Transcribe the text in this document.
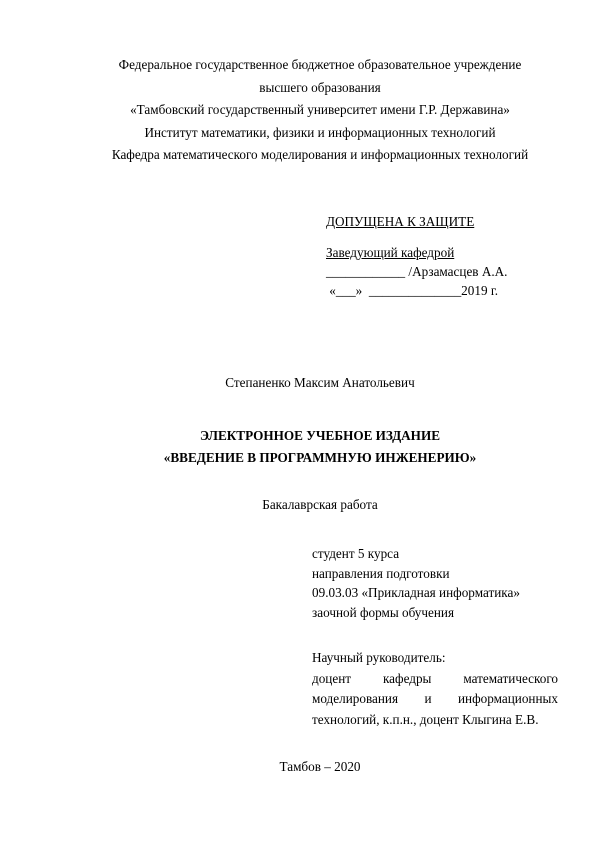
Федеральное государственное бюджетное образовательное учреждение
высшего образования
«Тамбовский государственный университет имени Г.Р. Державина»
Институт математики, физики и информационных технологий
Кафедра математического моделирования и информационных технологий
ДОПУЩЕНА К ЗАЩИТЕ
Заведующий кафедрой
____________ /Арзамасцев А.А.
«___»  ______________2019 г.
Степаненко Максим Анатольевич
ЭЛЕКТРОННОЕ УЧЕБНОЕ ИЗДАНИЕ
«ВВЕДЕНИЕ В ПРОГРАММНУЮ ИНЖЕНЕРИЮ»
Бакалаврская работа
студент 5 курса
направления подготовки
09.03.03 «Прикладная информатика»
заочной формы обучения
Научный руководитель:
доцент кафедры математического
моделирования и информационных
технологий, к.п.н., доцент Клыгина Е.В.
Тамбов – 2020
